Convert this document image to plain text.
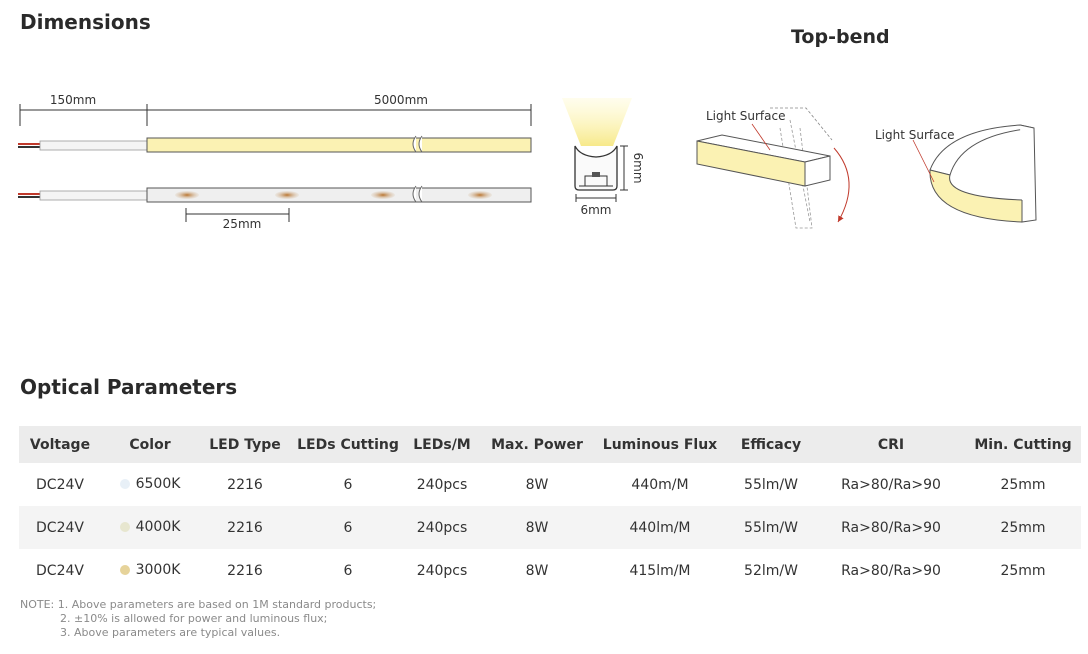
Dimensions
Top-bend
Optical Parameters
150mm	5000mm
25mm
6mm
6mm
Light Surface
Light Surface
Voltage	Color	LED Type	LEDs Cutting	LEDs/M	Max. Power	Luminous Flux	Efficacy	CRI	Min. Cutting
DC24V	6500K	2216	6	240pcs	8W	440m/M	55lm/W	Ra>80/Ra>90	25mm
DC24V	4000K	2216	6	240pcs	8W	440lm/M	55lm/W	Ra>80/Ra>90	25mm
DC24V	3000K	2216	6	240pcs	8W	415lm/M	52lm/W	Ra>80/Ra>90	25mm
NOTE: 1. Above parameters are based on 1M standard products;
2. ±10% is allowed for power and luminous flux;
3. Above parameters are typical values.
